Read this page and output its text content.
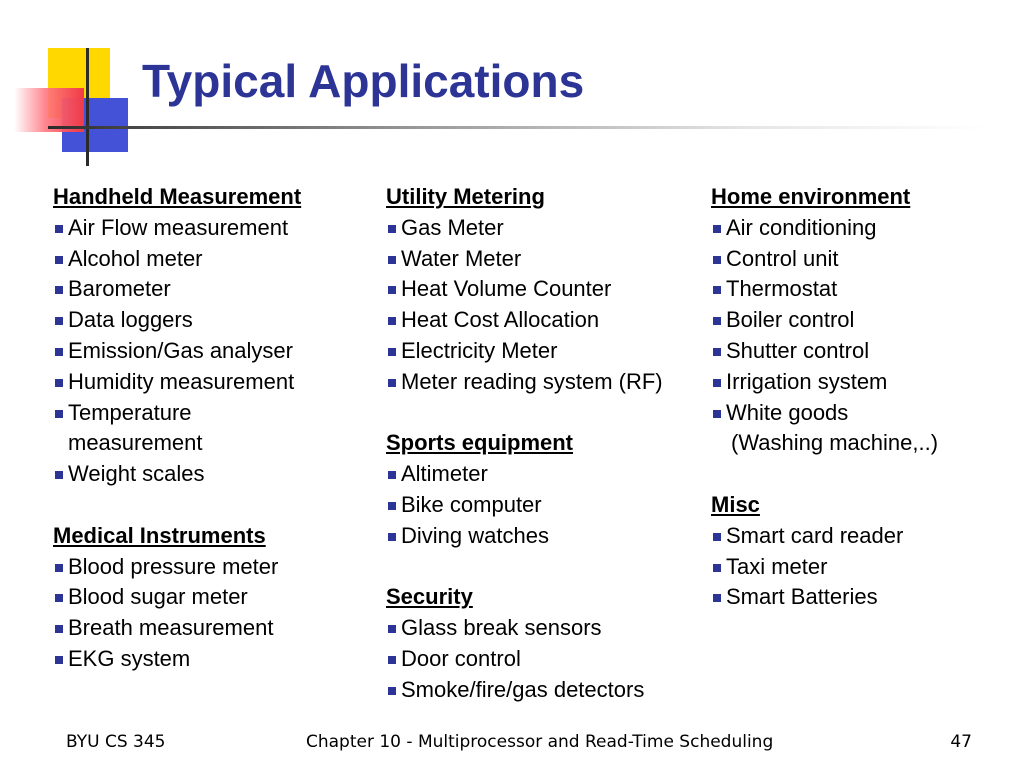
Typical Applications
Handheld Measurement
Air Flow measurement
Alcohol meter
Barometer
Data loggers
Emission/Gas analyser
Humidity measurement
Temperature measurement
Weight scales
Medical Instruments
Blood pressure meter
Blood sugar meter
Breath measurement
EKG system
Utility Metering
Gas Meter
Water Meter
Heat Volume Counter
Heat Cost Allocation
Electricity Meter
Meter reading system (RF)
Sports equipment
Altimeter
Bike computer
Diving watches
Security
Glass break sensors
Door control
Smoke/fire/gas detectors
Home environment
Air conditioning
Control unit
Thermostat
Boiler control
Shutter control
Irrigation system
White goods
(Washing machine,..)
Misc
Smart card reader
Taxi meter
Smart Batteries
BYU CS 345	Chapter 10 - Multiprocessor and Read-Time Scheduling	47
